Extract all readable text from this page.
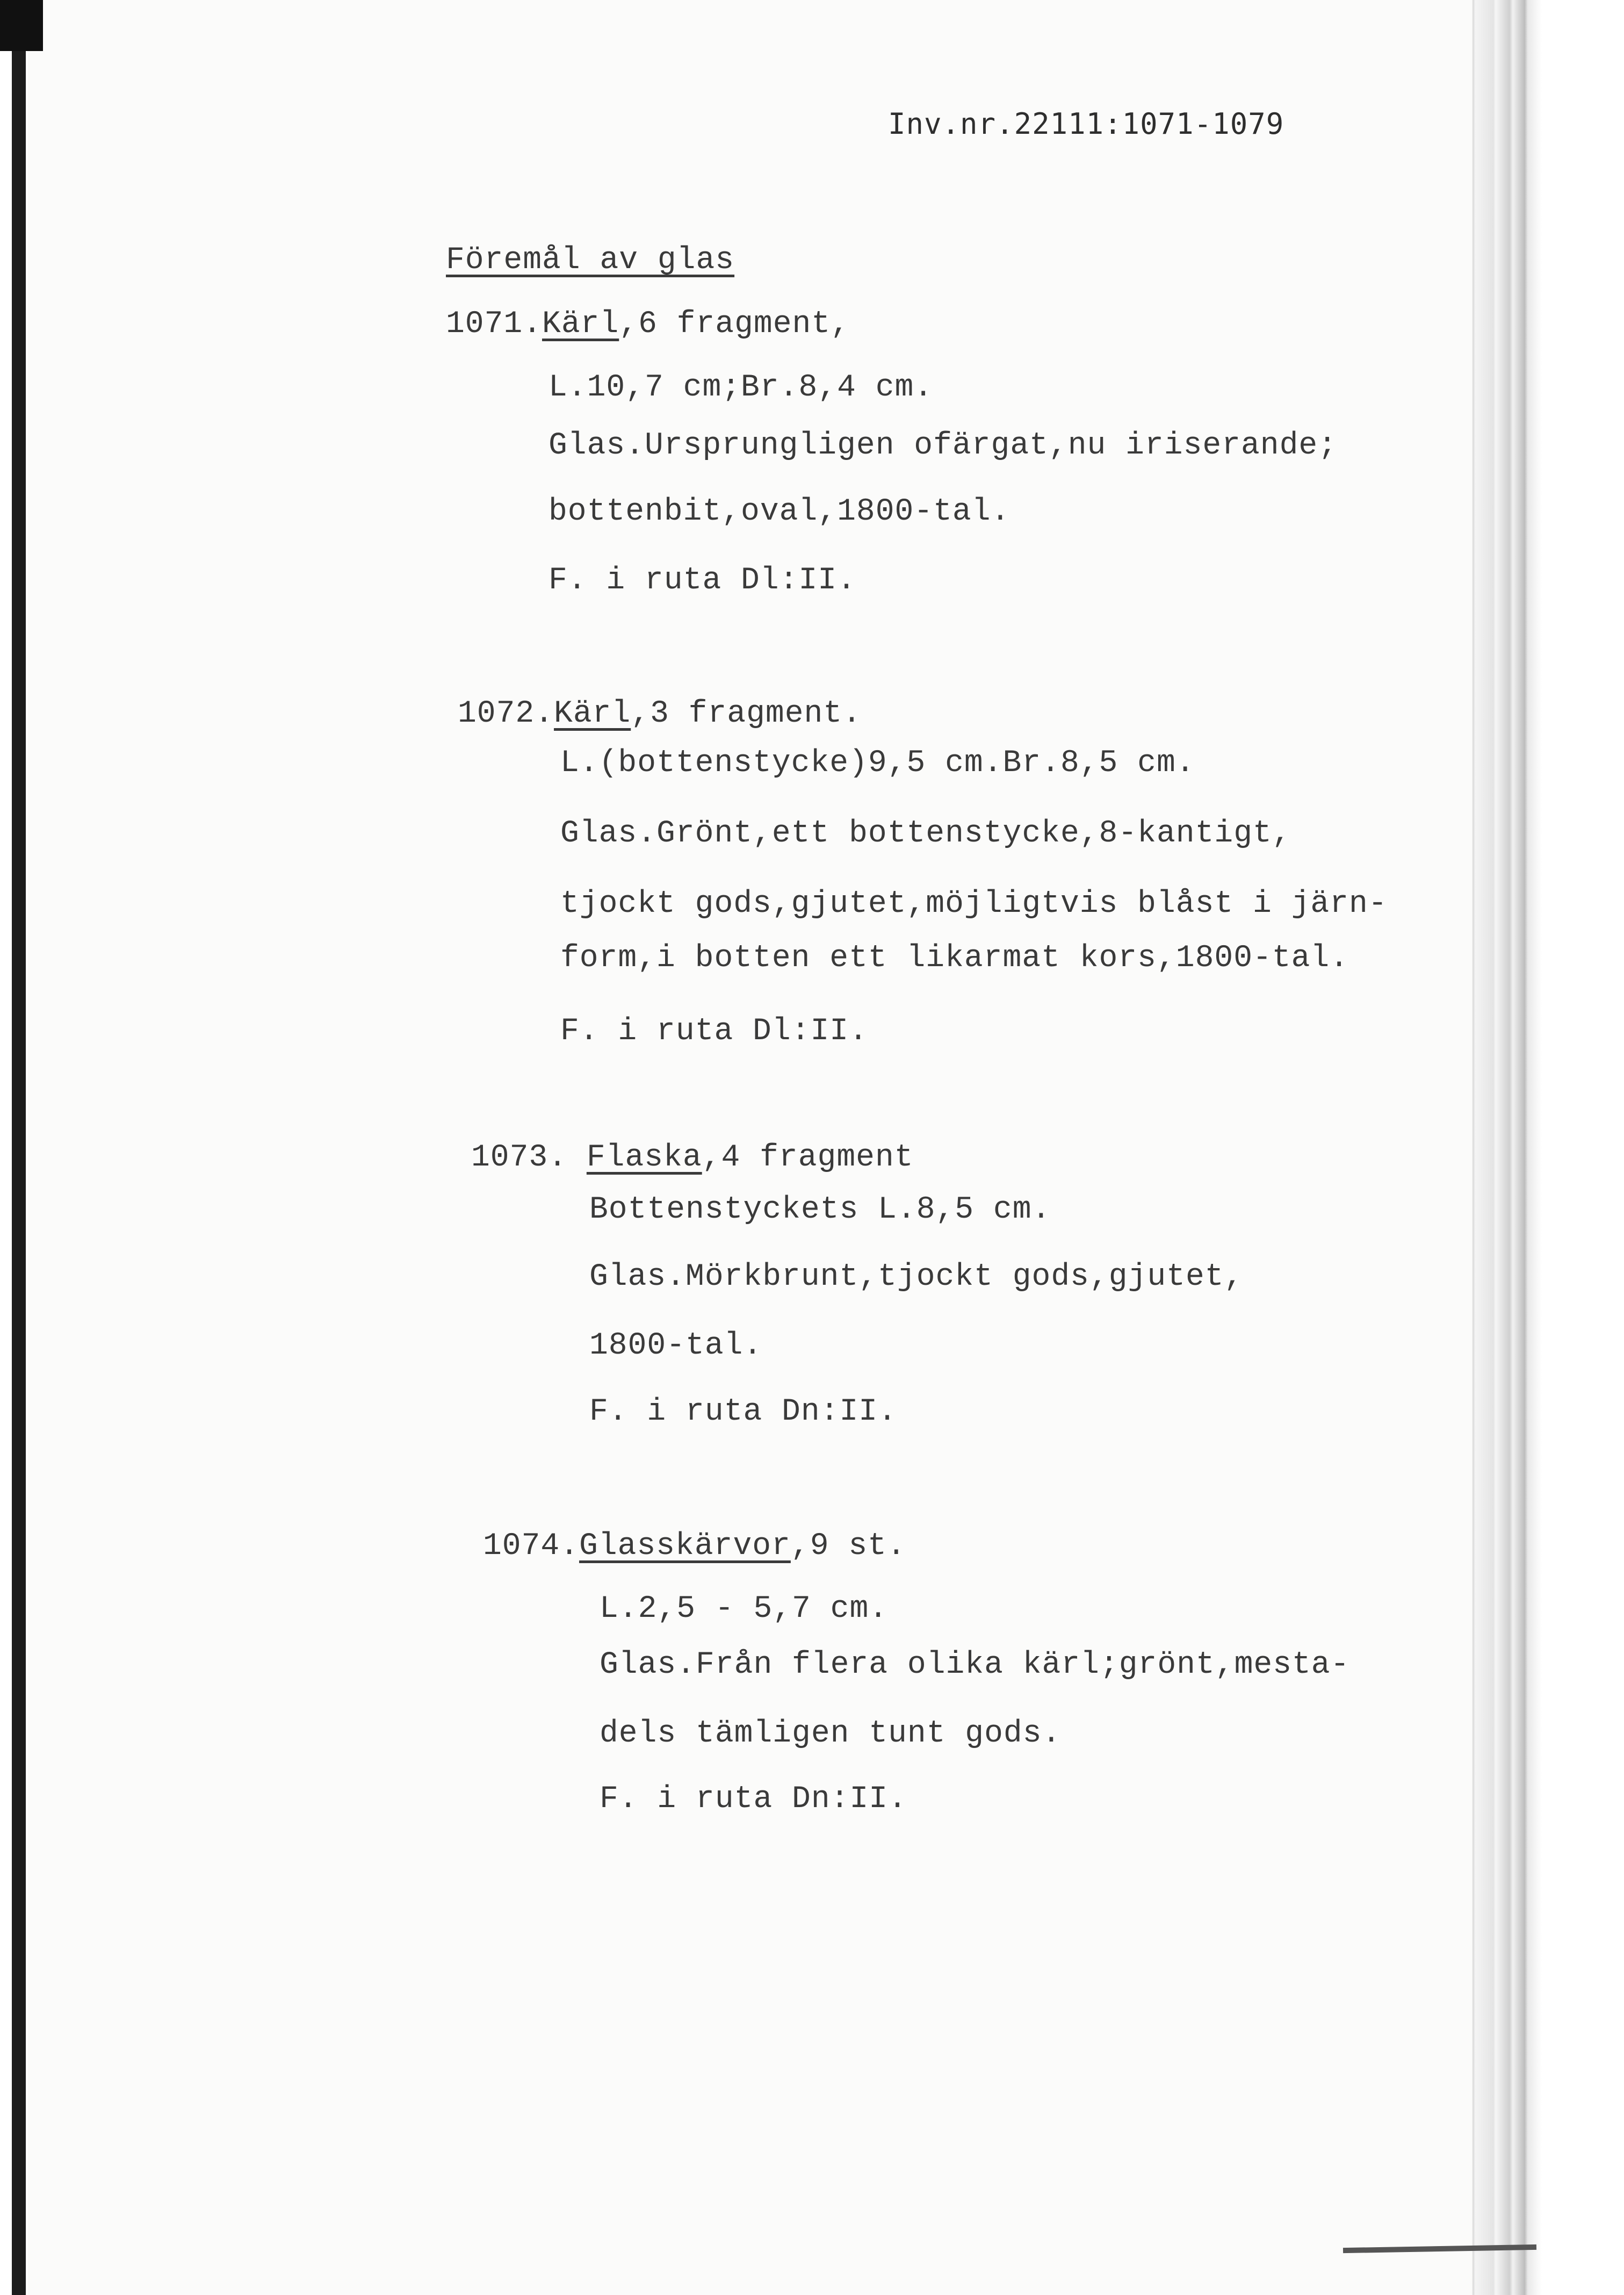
Inv.nr.22111:1071-1079
Föremål av glas
1071.Kärl,6 fragment,
L.10,7 cm;Br.8,4 cm.
Glas.Ursprungligen ofärgat,nu iriserande;
bottenbit,oval,1800-tal.
F. i ruta Dl:II.
1072.Kärl,3 fragment.
L.(bottenstycke)9,5 cm.Br.8,5 cm.
Glas.Grönt,ett bottenstycke,8-kantigt,
tjockt gods,gjutet,möjligtvis blåst i järn-
form,i botten ett likarmat kors,1800-tal.
F. i ruta Dl:II.
1073. Flaska,4 fragment
Bottenstyckets L.8,5 cm.
Glas.Mörkbrunt,tjockt gods,gjutet,
1800-tal.
F. i ruta Dn:II.
1074.Glasskärvor,9 st.
L.2,5 - 5,7 cm.
Glas.Från flera olika kärl;grönt,mesta-
dels tämligen tunt gods.
F. i ruta Dn:II.
